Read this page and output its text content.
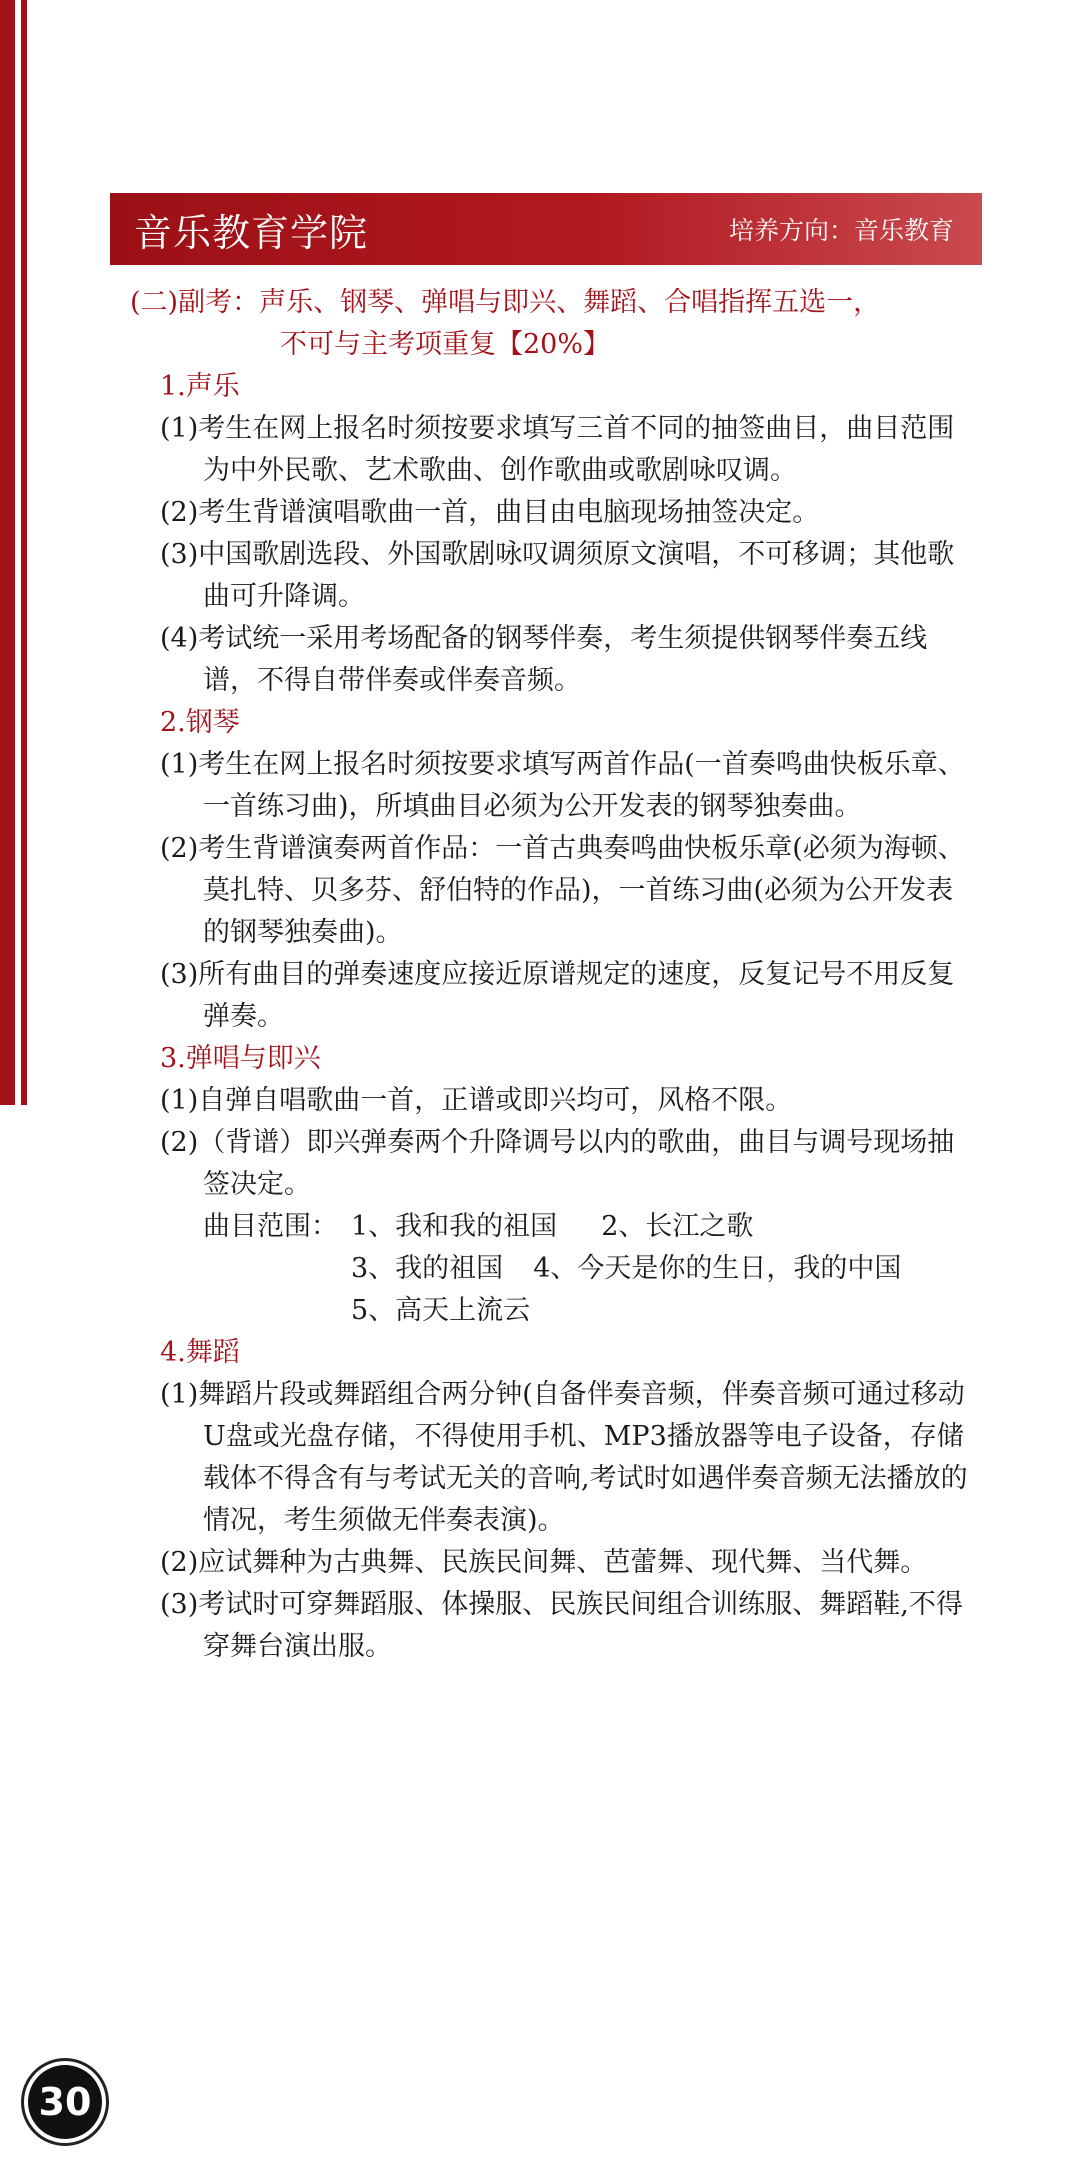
音乐教育学院	培养方向：音乐教育

(二)副考：声乐、钢琴、弹唱与即兴、舞蹈、合唱指挥五选一，

不可与主考项重复【20%】

1.声乐

(1)考生在网上报名时须按要求填写三首不同的抽签曲目，曲目范围为中外民歌、艺术歌曲、创作歌曲或歌剧咏叹调。

(2)考生背谱演唱歌曲一首，曲目由电脑现场抽签决定。

(3)中国歌剧选段、外国歌剧咏叹调须原文演唱，不可移调；其他歌曲可升降调。

(4)考试统一采用考场配备的钢琴伴奏，考生须提供钢琴伴奏五线谱，不得自带伴奏或伴奏音频。

2.钢琴

(1)考生在网上报名时须按要求填写两首作品(一首奏鸣曲快板乐章、一首练习曲)，所填曲目必须为公开发表的钢琴独奏曲。

(2)考生背谱演奏两首作品：一首古典奏鸣曲快板乐章(必须为海顿、莫扎特、贝多芬、舒伯特的作品)，一首练习曲(必须为公开发表的钢琴独奏曲)。

(3)所有曲目的弹奏速度应接近原谱规定的速度，反复记号不用反复弹奏。

3.弹唱与即兴

(1)自弹自唱歌曲一首，正谱或即兴均可，风格不限。

(2)（背谱）即兴弹奏两个升降调号以内的歌曲，曲目与调号现场抽签决定。

曲目范围： 1、我和我的祖国 2、长江之歌
3、我的祖国 4、今天是你的生日，我的中国
5、高天上流云
4.舞蹈

(1)舞蹈片段或舞蹈组合两分钟(自备伴奏音频，伴奏音频可通过移动U盘或光盘存储，不得使用手机、MP3播放器等电子设备，存储载体不得含有与考试无关的音响,考试时如遇伴奏音频无法播放的情况，考生须做无伴奏表演)。

(2)应试舞种为古典舞、民族民间舞、芭蕾舞、现代舞、当代舞。

(3)考试时可穿舞蹈服、体操服、民族民间组合训练服、舞蹈鞋,不得穿舞台演出服。

30
